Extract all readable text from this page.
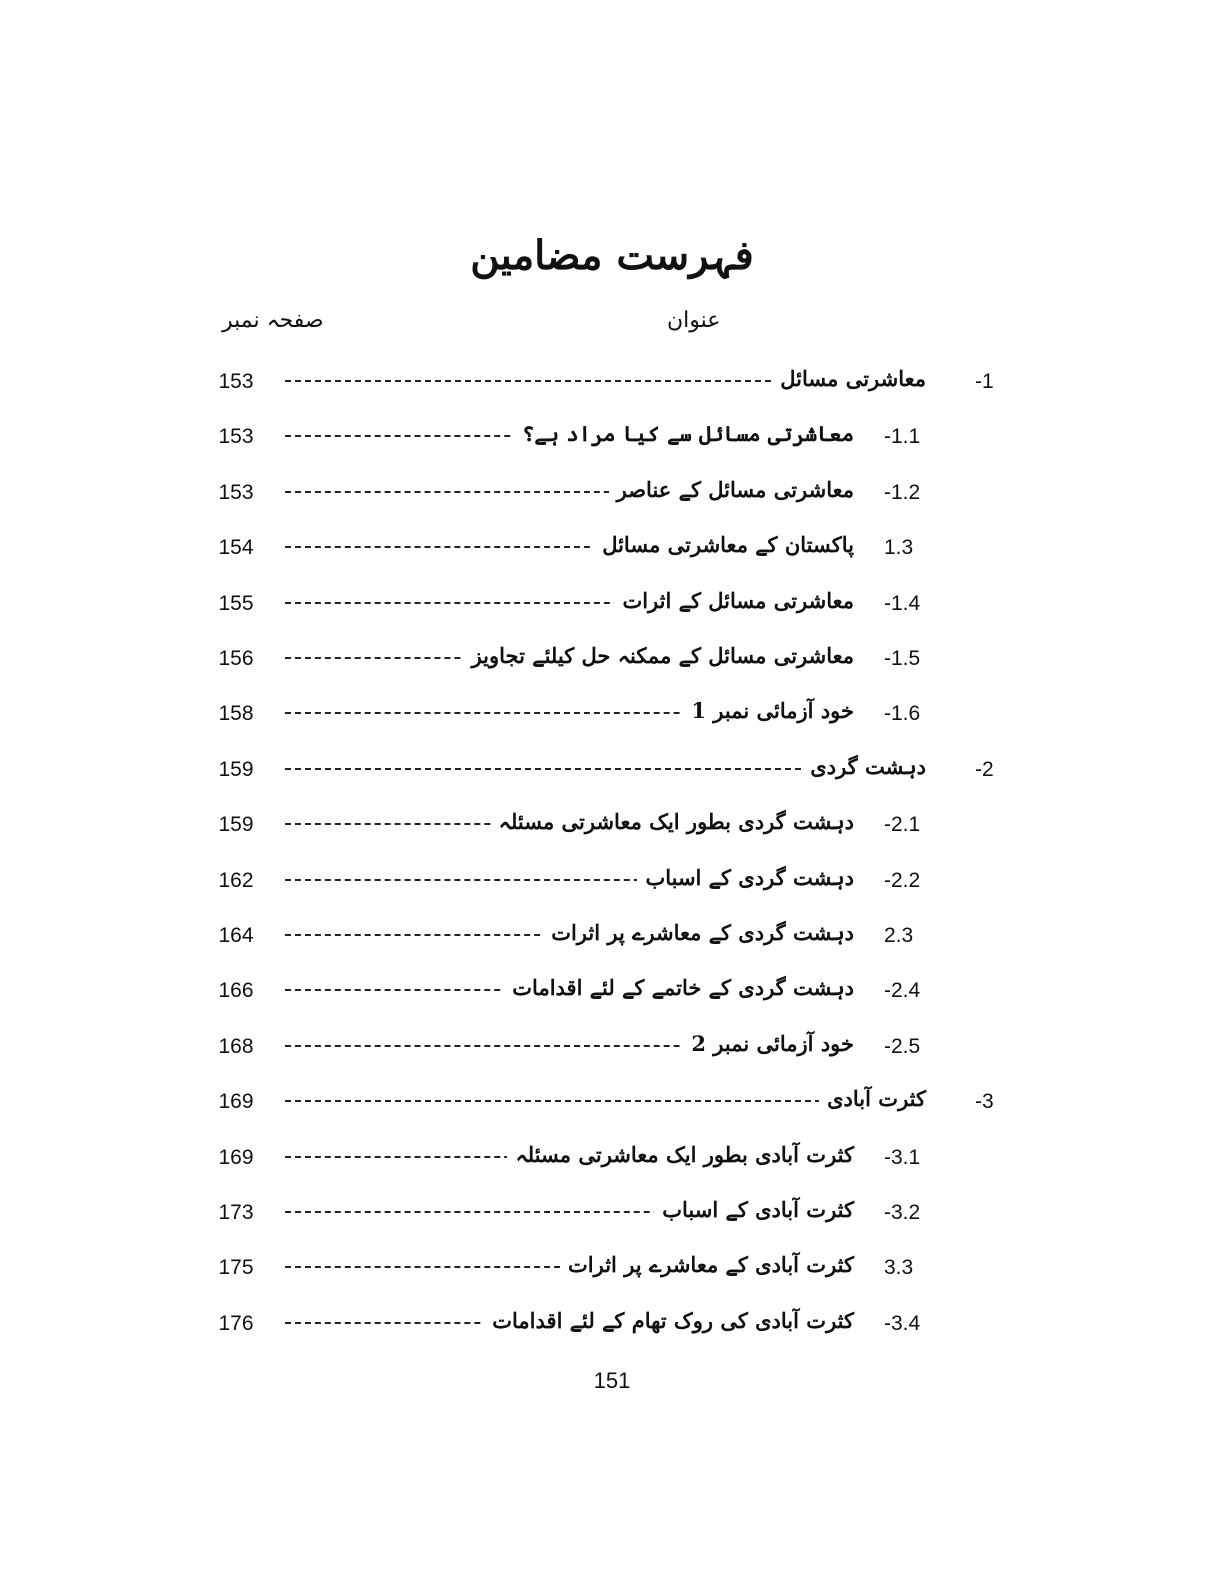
فہرست مضامین
عنوان
صفحہ نمبر
153	معاشرتی مسائل -1
153	معاشرتی مسائل سے کیا مراد ہے؟ -1.1
153	معاشرتی مسائل کے عناصر -1.2
154	پاکستان کے معاشرتی مسائل 1.3
155	معاشرتی مسائل کے اثرات -1.4
156	معاشرتی مسائل کے ممکنہ حل کیلئے تجاویز -1.5
158	خود آزمائی نمبر 1 -1.6
159	دہشت گردی -2
159	دہشت گردی بطور ایک معاشرتی مسئلہ -2.1
162	دہشت گردی کے اسباب -2.2
164	دہشت گردی کے معاشرے پر اثرات 2.3
166	دہشت گردی کے خاتمے کے لئے اقدامات -2.4
168	خود آزمائی نمبر 2 -2.5
169	کثرت آبادی -3
169	کثرت آبادی بطور ایک معاشرتی مسئلہ -3.1
173	کثرت آبادی کے اسباب -3.2
175	کثرت آبادی کے معاشرے پر اثرات 3.3
176	کثرت آبادی کی روک تھام کے لئے اقدامات -3.4
151
